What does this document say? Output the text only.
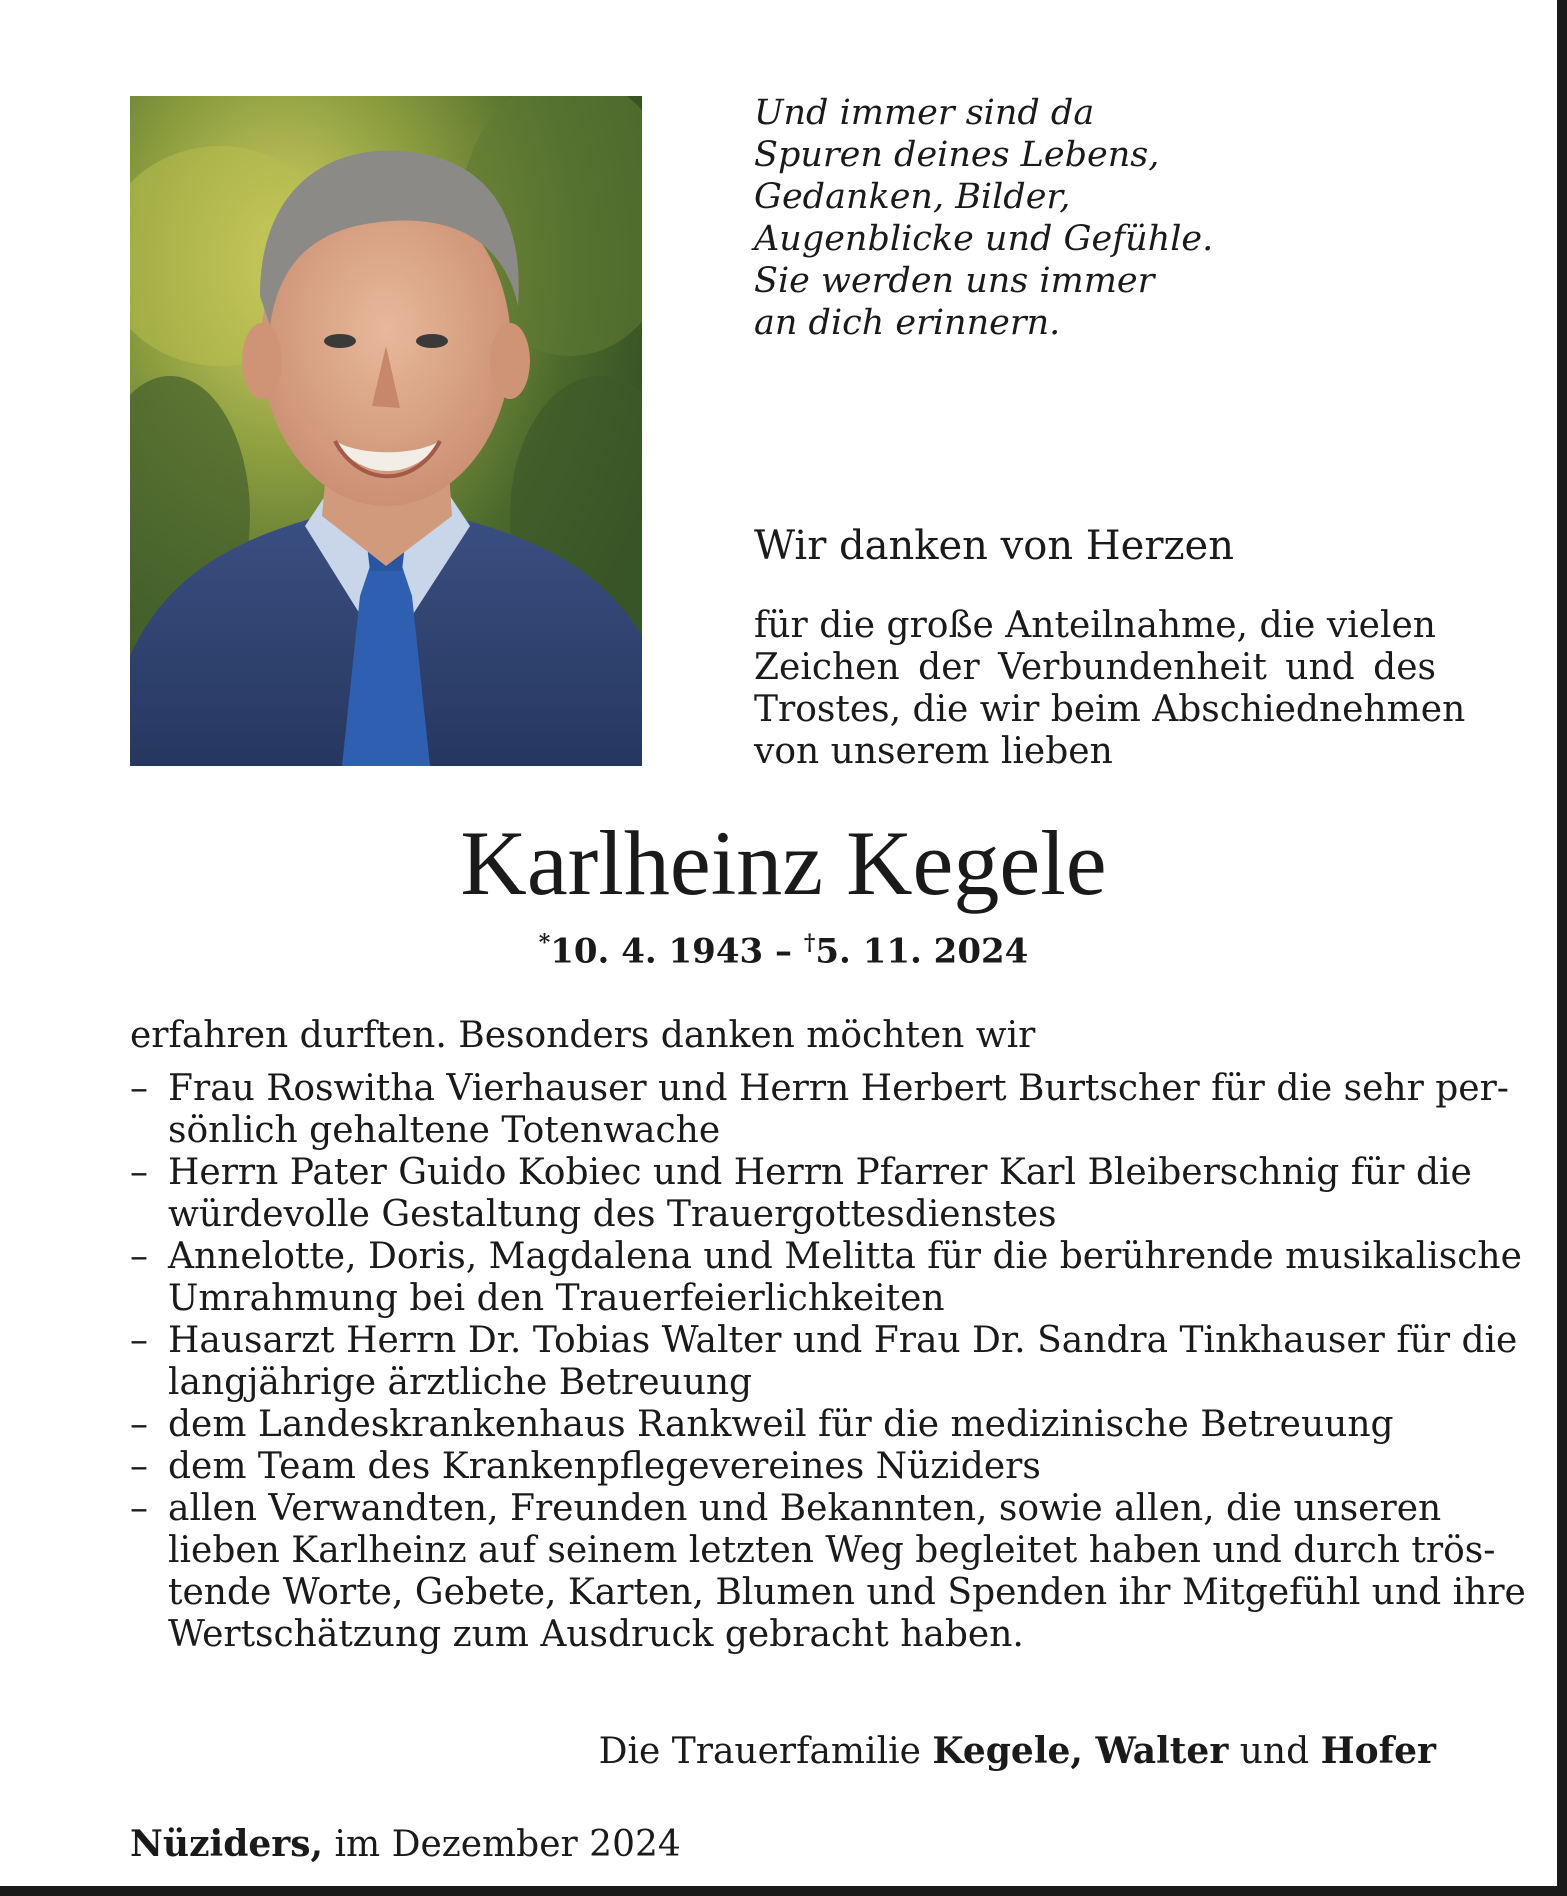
Und immer sind da
Spuren deines Lebens,
Gedanken, Bilder,
Augenblicke und Gefühle.
Sie werden uns immer
an dich erinnern.
Wir danken von Herzen
für die große Anteilnahme, die vielen
Zeichen der Verbundenheit und des
Trostes, die wir beim Abschiednehmen
von unserem lieben
Karlheinz Kegele
*10. 4. 1943 – †5. 11. 2024
erfahren durften. Besonders danken möchten wir
– Frau Roswitha Vierhauser und Herrn Herbert Burtscher für die sehr per-
sönlich gehaltene Totenwache
– Herrn Pater Guido Kobiec und Herrn Pfarrer Karl Bleiberschnig für die
würdevolle Gestaltung des Trauergottesdienstes
– Annelotte, Doris, Magdalena und Melitta für die berührende musikalische
Umrahmung bei den Trauerfeierlichkeiten
– Hausarzt Herrn Dr. Tobias Walter und Frau Dr. Sandra Tinkhauser für die
langjährige ärztliche Betreuung
– dem Landeskrankenhaus Rankweil für die medizinische Betreuung
– dem Team des Krankenpflegevereines Nüziders
– allen Verwandten, Freunden und Bekannten, sowie allen, die unseren
lieben Karlheinz auf seinem letzten Weg begleitet haben und durch trös-
tende Worte, Gebete, Karten, Blumen und Spenden ihr Mitgefühl und ihre
Wertschätzung zum Ausdruck gebracht haben.
Die Trauerfamilie Kegele, Walter und Hofer
Nüziders, im Dezember 2024
